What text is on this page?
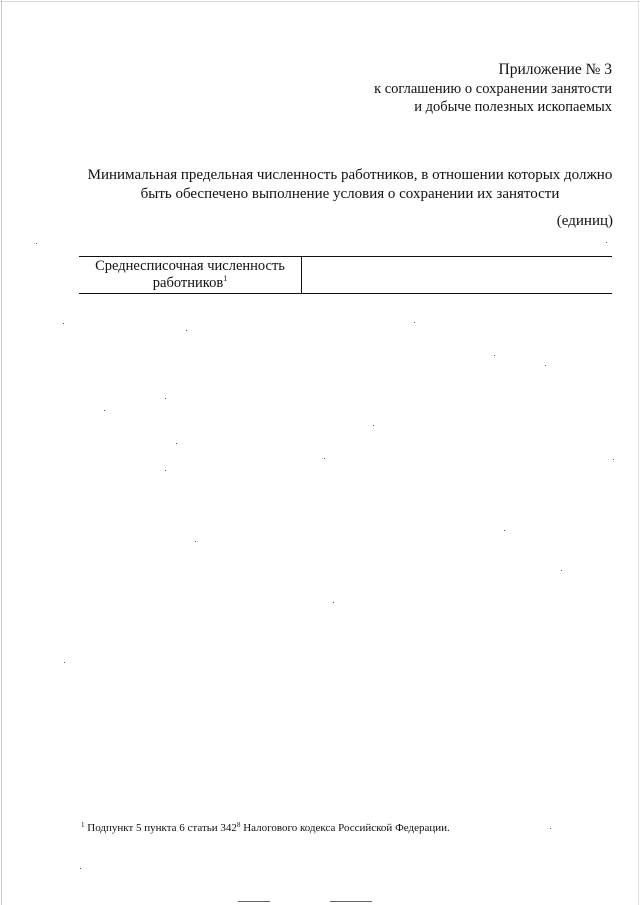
Приложение № 3
к соглашению о сохранении занятости
и добыче полезных ископаемых
Минимальная предельная численность работников, в отношении которых должно
быть обеспечено выполнение условия о сохранении их занятости
(единиц)
Среднесписочная численность
работников$^1$

$^1$ Подпункт 5 пункта 6 статьи $342^8$ Налогового кодекса Российской Федерации.
